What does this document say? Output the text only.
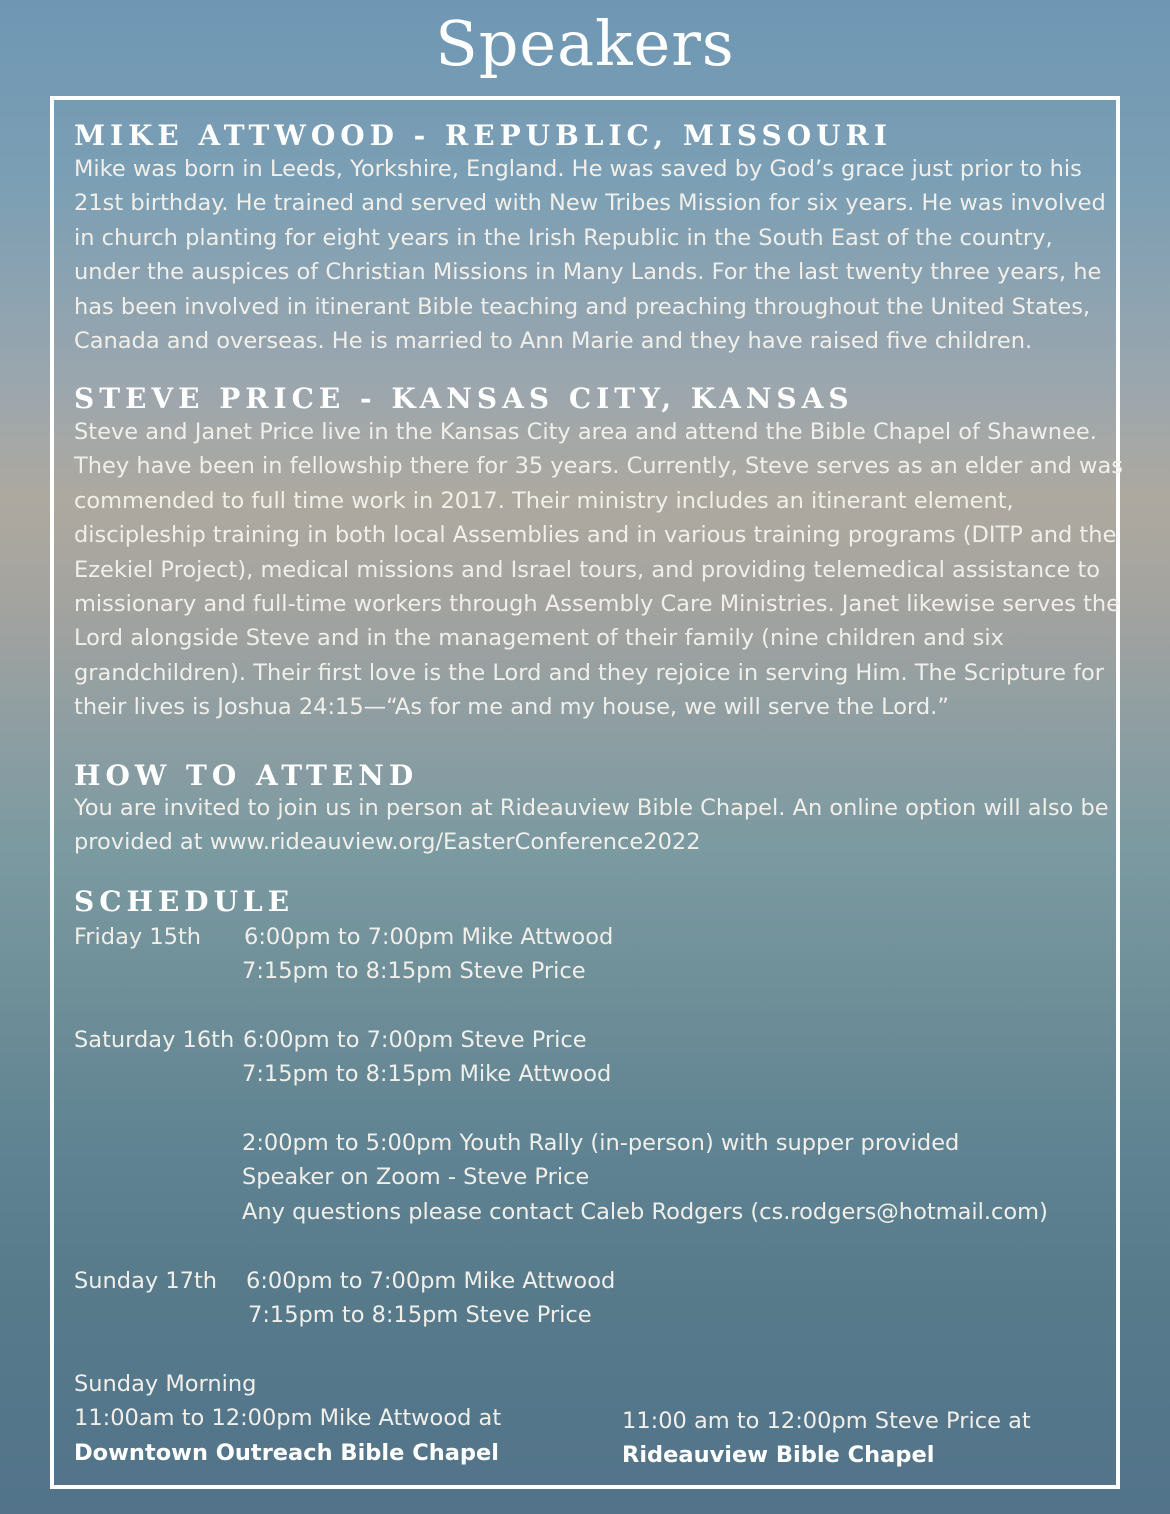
Speakers
MIKE ATTWOOD - REPUBLIC, MISSOURI
Mike was born in Leeds, Yorkshire, England. He was saved by God’s grace just prior to his
21st birthday. He trained and served with New Tribes Mission for six years. He was involved
in church planting for eight years in the Irish Republic in the South East of the country,
under the auspices of Christian Missions in Many Lands. For the last twenty three years, he
has been involved in itinerant Bible teaching and preaching throughout the United States,
Canada and overseas. He is married to Ann Marie and they have raised five children.
STEVE PRICE - KANSAS CITY, KANSAS
Steve and Janet Price live in the Kansas City area and attend the Bible Chapel of Shawnee.
They have been in fellowship there for 35 years. Currently, Steve serves as an elder and was
commended to full time work in 2017. Their ministry includes an itinerant element,
discipleship training in both local Assemblies and in various training programs (DITP and the
Ezekiel Project), medical missions and Israel tours, and providing telemedical assistance to
missionary and full-time workers through Assembly Care Ministries. Janet likewise serves the
Lord alongside Steve and in the management of their family (nine children and six
grandchildren). Their first love is the Lord and they rejoice in serving Him. The Scripture for
their lives is Joshua 24:15—“As for me and my house, we will serve the Lord.”
HOW TO ATTEND
You are invited to join us in person at Rideauview Bible Chapel. An online option will also be
provided at www.rideauview.org/EasterConference2022
SCHEDULE
Friday 15th 6:00pm to 7:00pm Mike Attwood
7:15pm to 8:15pm Steve Price
Saturday 16th 6:00pm to 7:00pm Steve Price
7:15pm to 8:15pm Mike Attwood
2:00pm to 5:00pm Youth Rally (in-person) with supper provided
Speaker on Zoom - Steve Price
Any questions please contact Caleb Rodgers (cs.rodgers@hotmail.com)
Sunday 17th 6:00pm to 7:00pm Mike Attwood
7:15pm to 8:15pm Steve Price
Sunday Morning
11:00am to 12:00pm Mike Attwood at
Downtown Outreach Bible Chapel
11:00 am to 12:00pm Steve Price at
Rideauview Bible Chapel
